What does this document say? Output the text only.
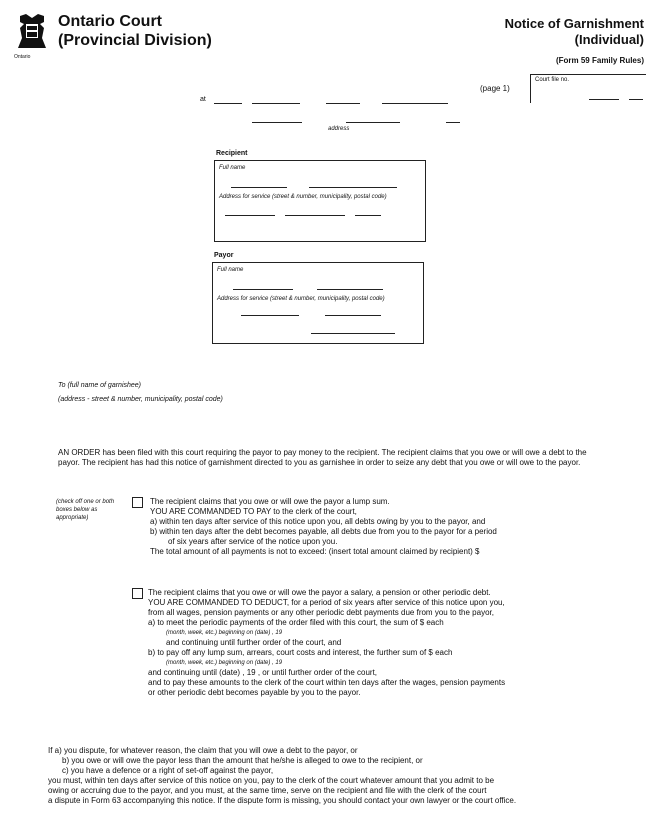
Ontario
Ontario Court
(Provincial Division)
Notice of Garnishment
(Individual)
(Form 59 Family Rules)
(page 1)
Court file no.
at
address
Recipient
Full name
Address for service (street & number, municipality, postal code)
Payor
Full name
Address for service (street & number, municipality, postal code)
To (full name of garnishee)
(address - street & number, municipality, postal code)

AN ORDER has been filed with this court requiring the payor to pay money to the recipient. The recipient claims that you owe or will owe a debt to the payor. The recipient has had this notice of garnishment directed to you as garnishee in order to seize any debt that you owe or will owe to the payor.

(check off one or both boxes below as appropriate)

The recipient claims that you owe or will owe the payor a lump sum.

YOU ARE COMMANDED TO PAY to the clerk of the court,

a) within ten days after service of this notice upon you, all debts owing by you to the payor, and

b) within ten days after the debt becomes payable, all debts due from you to the payor for a period

of six years after service of the notice upon you.

The total amount of all payments is not to exceed: (insert total amount claimed by recipient) $

The recipient claims that you owe or will owe the payor a salary, a pension or other periodic debt.

YOU ARE COMMANDED TO DEDUCT, for a period of six years after service of this notice upon you,

from all wages, pension payments or any other periodic debt payments due from you to the payor,

a) to meet the periodic payments of the order filed with this court, the sum of $ each

(month, week, etc.) beginning on (date) , 19

and continuing until further order of the court, and

b) to pay off any lump sum, arrears, court costs and interest, the further sum of $ each

(month, week, etc.) beginning on (date) , 19

and continuing until (date) , 19 , or until further order of the court,

and to pay these amounts to the clerk of the court within ten days after the wages, pension payments

or other periodic debt becomes payable by you to the payor.

If a) you dispute, for whatever reason, the claim that you will owe a debt to the payor, or

b) you owe or will owe the payor less than the amount that he/she is alleged to owe to the recipient, or

c) you have a defence or a right of set-off against the payor,

you must, within ten days after service of this notice on you, pay to the clerk of the court whatever amount that you admit to be

owing or accruing due to the payor, and you must, at the same time, serve on the recipient and file with the clerk of the court

a dispute in Form 63 accompanying this notice. If the dispute form is missing, you should contact your own lawyer or the court office.
